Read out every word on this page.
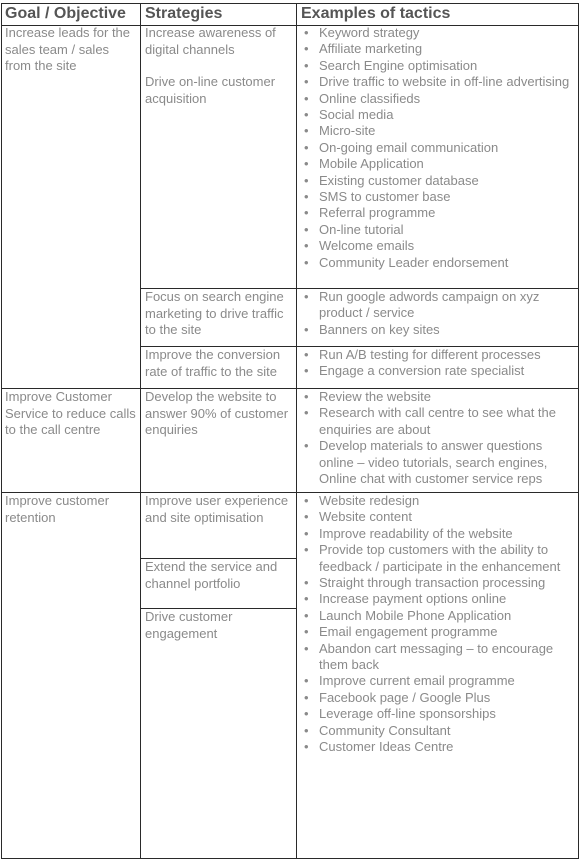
Goal / Objective Strategies	Examples of tactics
Increase leads for the sales team / sales from the site

Increase awareness of digital channels

Drive on-line customer acquisition

• Keyword strategy
• Affiliate marketing
• Search Engine optimisation
• Drive traffic to website in off-line advertising
• Online classifieds
• Social media
• Micro-site
• On-going email communication
• Mobile Application
• Existing customer database
• SMS to customer base
• Referral programme
• On-line tutorial
• Welcome emails
• Community Leader endorsement
Focus on search engine marketing to drive traffic to the site
• Run google adwords campaign on xyz product / service
• Banners on key sites
Improve the conversion rate of traffic to the site
• Run A/B testing for different processes
• Engage a conversion rate specialist
Improve Customer Service to reduce calls to the call centre
Develop the website to answer 90% of customer enquiries
• Review the website
• Research with call centre to see what the enquiries are about
• Develop materials to answer questions online – video tutorials, search engines, Online chat with customer service reps
Improve customer retention
Improve user experience and site optimisation
Extend the service and channel portfolio
Drive customer engagement
• Website redesign
• Website content
• Improve readability of the website
• Provide top customers with the ability to feedback / participate in the enhancement
• Straight through transaction processing
• Increase payment options online
• Launch Mobile Phone Application
• Email engagement programme
• Abandon cart messaging – to encourage them back
• Improve current email programme
• Facebook page / Google Plus
• Leverage off-line sponsorships
• Community Consultant
• Customer Ideas Centre
